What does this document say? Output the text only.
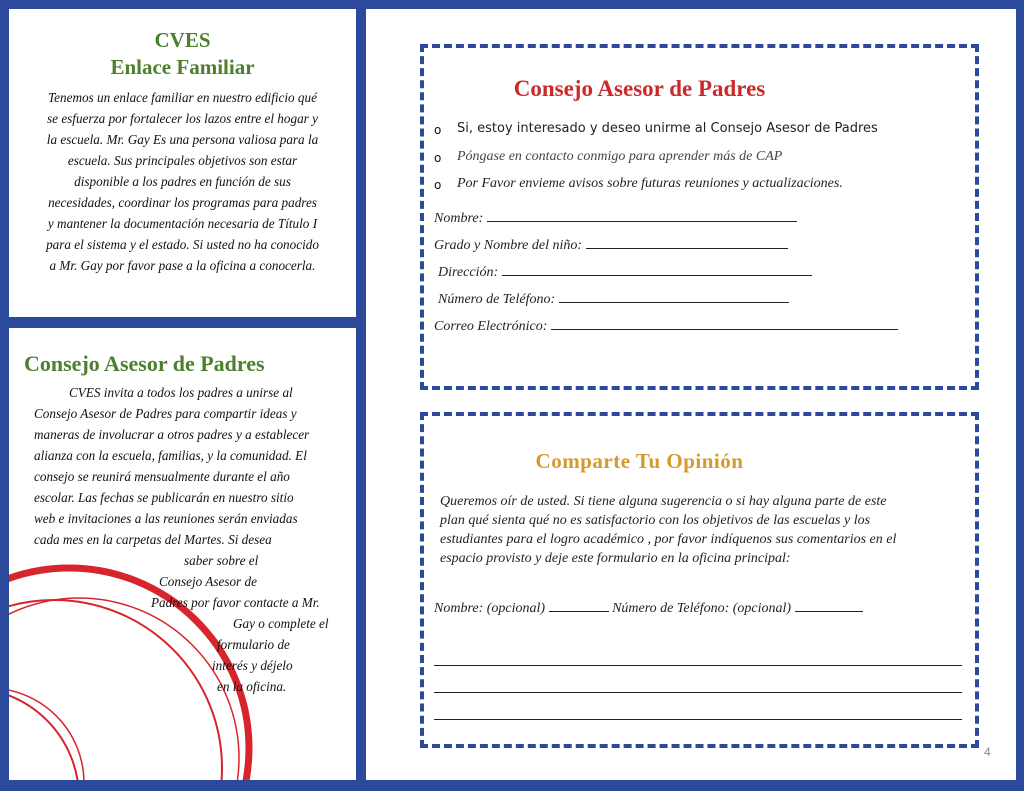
CVES

Enlace Familiar

Tenemos un enlace familiar en nuestro edificio qué
se esfuerza por fortalecer los lazos entre el hogar y
la escuela. Mr. Gay Es una persona valiosa para la
escuela. Sus principales objetivos son estar
disponible a los padres en función de sus
necesidades, coordinar los programas para padres
y mantener la documentación necesaria de Título I
para el sistema y el estado. Si usted no ha conocido
a Mr. Gay por favor pase a la oficina a conocerla.

Consejo Asesor de Padres

CVES invita a todos los padres a unirse al
Consejo Asesor de Padres para compartir ideas y
maneras de involucrar a otros padres y a establecer
alianza con la escuela, familias, y la comunidad. El
consejo se reunirá mensualmente durante el año
escolar. Las fechas se publicarán en nuestro sitio
web e invitaciones a las reuniones serán enviadas
cada mes en la carpetas del Martes. Si desea
saber sobre el
Consejo Asesor de
Padres por favor contacte a Mr.
Gay o complete el
formulario de
interés y déjelo
en la oficina.

Consejo Asesor de Padres

o Si, estoy interesado y deseo unirme al Consejo Asesor de Padres
o Póngase en contacto conmigo para aprender más de CAP
o Por Favor envieme avisos sobre futuras reuniones y actualizaciones.
Nombre:
Grado y Nombre del niño:
Dirección:
Número de Teléfono:
Correo Electrónico:

Comparte Tu Opinión

Queremos oír de usted. Si tiene alguna sugerencia o si hay alguna parte de este
plan qué sienta qué no es satisfactorio con los objetivos de las escuelas y los
estudiantes para el logro académico , por favor indíquenos sus comentarios en el
espacio provisto y deje este formulario en la oficina principal:
Nombre: (opcional)	Número de Teléfono: (opcional)
4
